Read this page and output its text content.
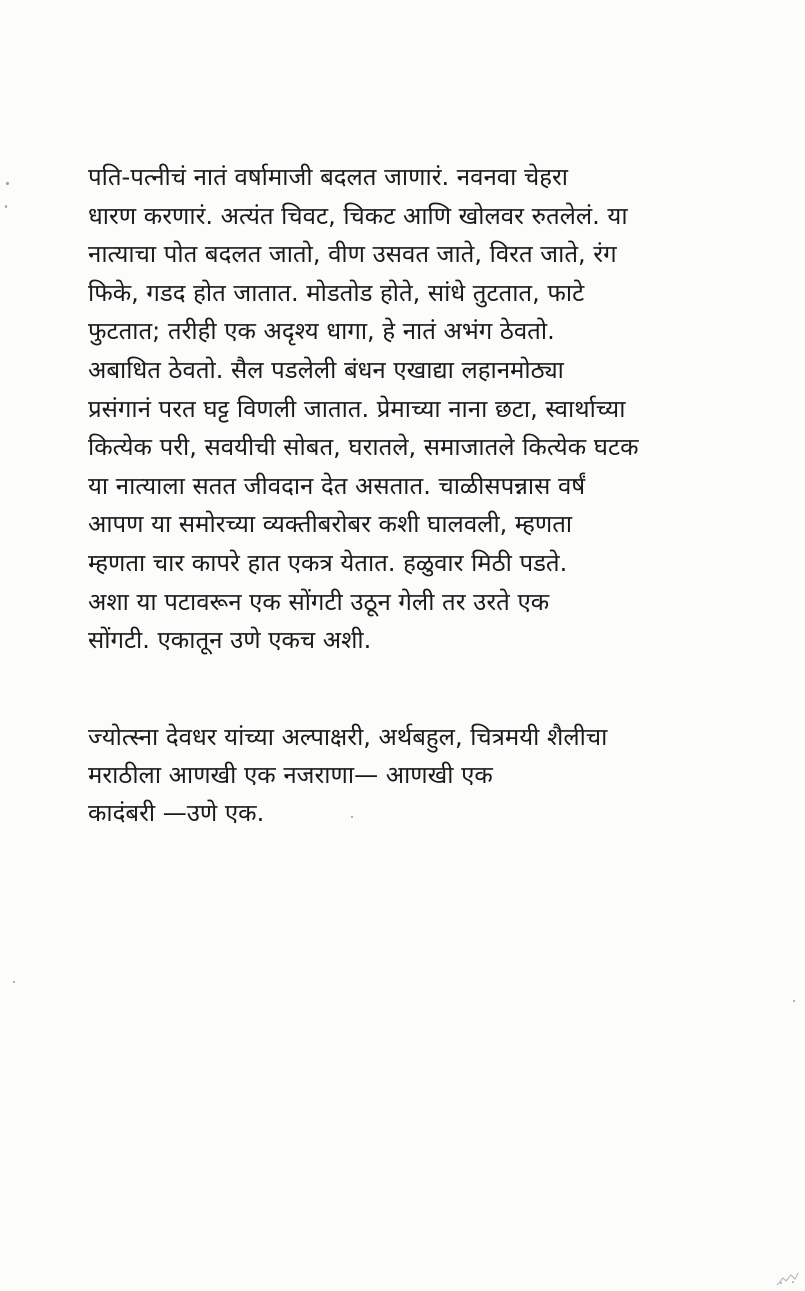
पति-पत्नीचं नातं वर्षामाजी बदलत जाणारं. नवनवा चेहरा
धारण करणारं. अत्यंत चिवट, चिकट आणि खोलवर रुतलेलं. या
नात्याचा पोत बदलत जातो, वीण उसवत जाते, विरत जाते, रंग
फिके, गडद होत जातात. मोडतोड होते, सांधे तुटतात, फाटे
फुटतात; तरीही एक अदृश्य धागा, हे नातं अभंग ठेवतो.
अबाधित ठेवतो. सैल पडलेली बंधन एखाद्या लहानमोठ्या
प्रसंगानं परत घट्ट विणली जातात. प्रेमाच्या नाना छटा, स्वार्थाच्या
कित्येक परी, सवयीची सोबत, घरातले, समाजातले कित्येक घटक
या नात्याला सतत जीवदान देत असतात. चाळीसपन्नास वर्षं
आपण या समोरच्या व्यक्तीबरोबर कशी घालवली, म्हणता
म्हणता चार कापरे हात एकत्र येतात. हळुवार मिठी पडते.
अशा या पटावरून एक सोंगटी उठून गेली तर उरते एक
सोंगटी. एकातून उणे एकच अशी.
ज्योत्स्ना देवधर यांच्या अल्पाक्षरी, अर्थबहुल, चित्रमयी शैलीचा
मराठीला आणखी एक नजराणा— आणखी एक
कादंबरी —उणे एक.
